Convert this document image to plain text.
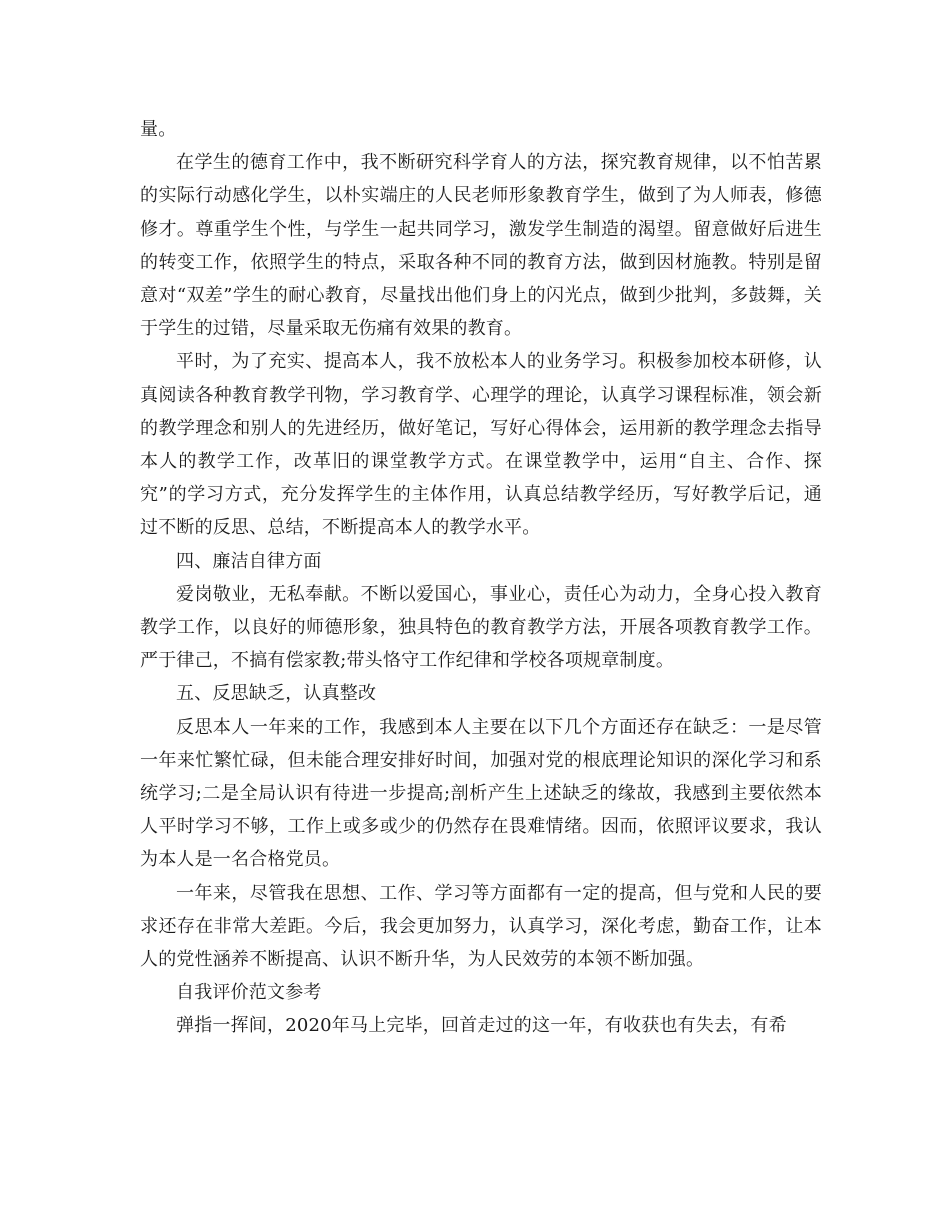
量。

在学生的德育工作中，我不断研究科学育人的方法，探究教育规律，以不怕苦累的实际行动感化学生，以朴实端庄的人民老师形象教育学生，做到了为人师表，修德修才。尊重学生个性，与学生一起共同学习，激发学生制造的渴望。留意做好后进生的转变工作，依照学生的特点，采取各种不同的教育方法，做到因材施教。特别是留意对“双差”学生的耐心教育，尽量找出他们身上的闪光点，做到少批判，多鼓舞，关于学生的过错，尽量采取无伤痛有效果的教育。

平时，为了充实、提高本人，我不放松本人的业务学习。积极参加校本研修，认真阅读各种教育教学刊物，学习教育学、心理学的理论，认真学习课程标准，领会新的教学理念和别人的先进经历，做好笔记，写好心得体会，运用新的教学理念去指导本人的教学工作，改革旧的课堂教学方式。在课堂教学中，运用“自主、合作、探究”的学习方式，充分发挥学生的主体作用，认真总结教学经历，写好教学后记，通过不断的反思、总结，不断提高本人的教学水平。

四、廉洁自律方面

爱岗敬业，无私奉献。不断以爱国心，事业心，责任心为动力，全身心投入教育教学工作，以良好的师德形象，独具特色的教育教学方法，开展各项教育教学工作。严于律己，不搞有偿家教;带头恪守工作纪律和学校各项规章制度。

五、反思缺乏，认真整改

反思本人一年来的工作，我感到本人主要在以下几个方面还存在缺乏：一是尽管一年来忙繁忙碌，但未能合理安排好时间，加强对党的根底理论知识的深化学习和系统学习;二是全局认识有待进一步提高;剖析产生上述缺乏的缘故，我感到主要依然本人平时学习不够，工作上或多或少的仍然存在畏难情绪。因而，依照评议要求，我认为本人是一名合格党员。

一年来，尽管我在思想、工作、学习等方面都有一定的提高，但与党和人民的要求还存在非常大差距。今后，我会更加努力，认真学习，深化考虑，勤奋工作，让本人的党性涵养不断提高、认识不断升华，为人民效劳的本领不断加强。

自我评价范文参考

弹指一挥间，2020年马上完毕，回首走过的这一年，有收获也有失去，有希
